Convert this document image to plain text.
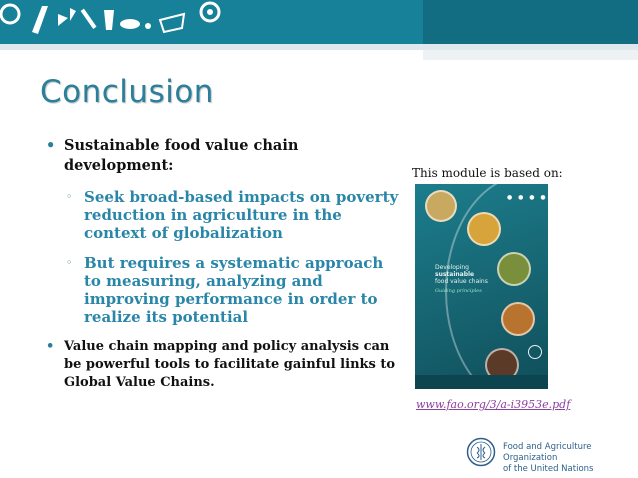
Conclusion
• Sustainable food value chain development:
◦ Seek broad-based impacts on poverty reduction in agriculture in the context of globalization
◦ But requires a systematic approach to measuring, analyzing and improving performance in order to realize its potential
• Value chain mapping and policy analysis can be powerful tools to facilitate gainful links to Global Value Chains.

This module is based on:

● ● ● ●
Developing
sustainable
food value chains
Guiding principles
www.fao.org/3/a-i3953e.pdf
Food and Agriculture Organization
of the United Nations
